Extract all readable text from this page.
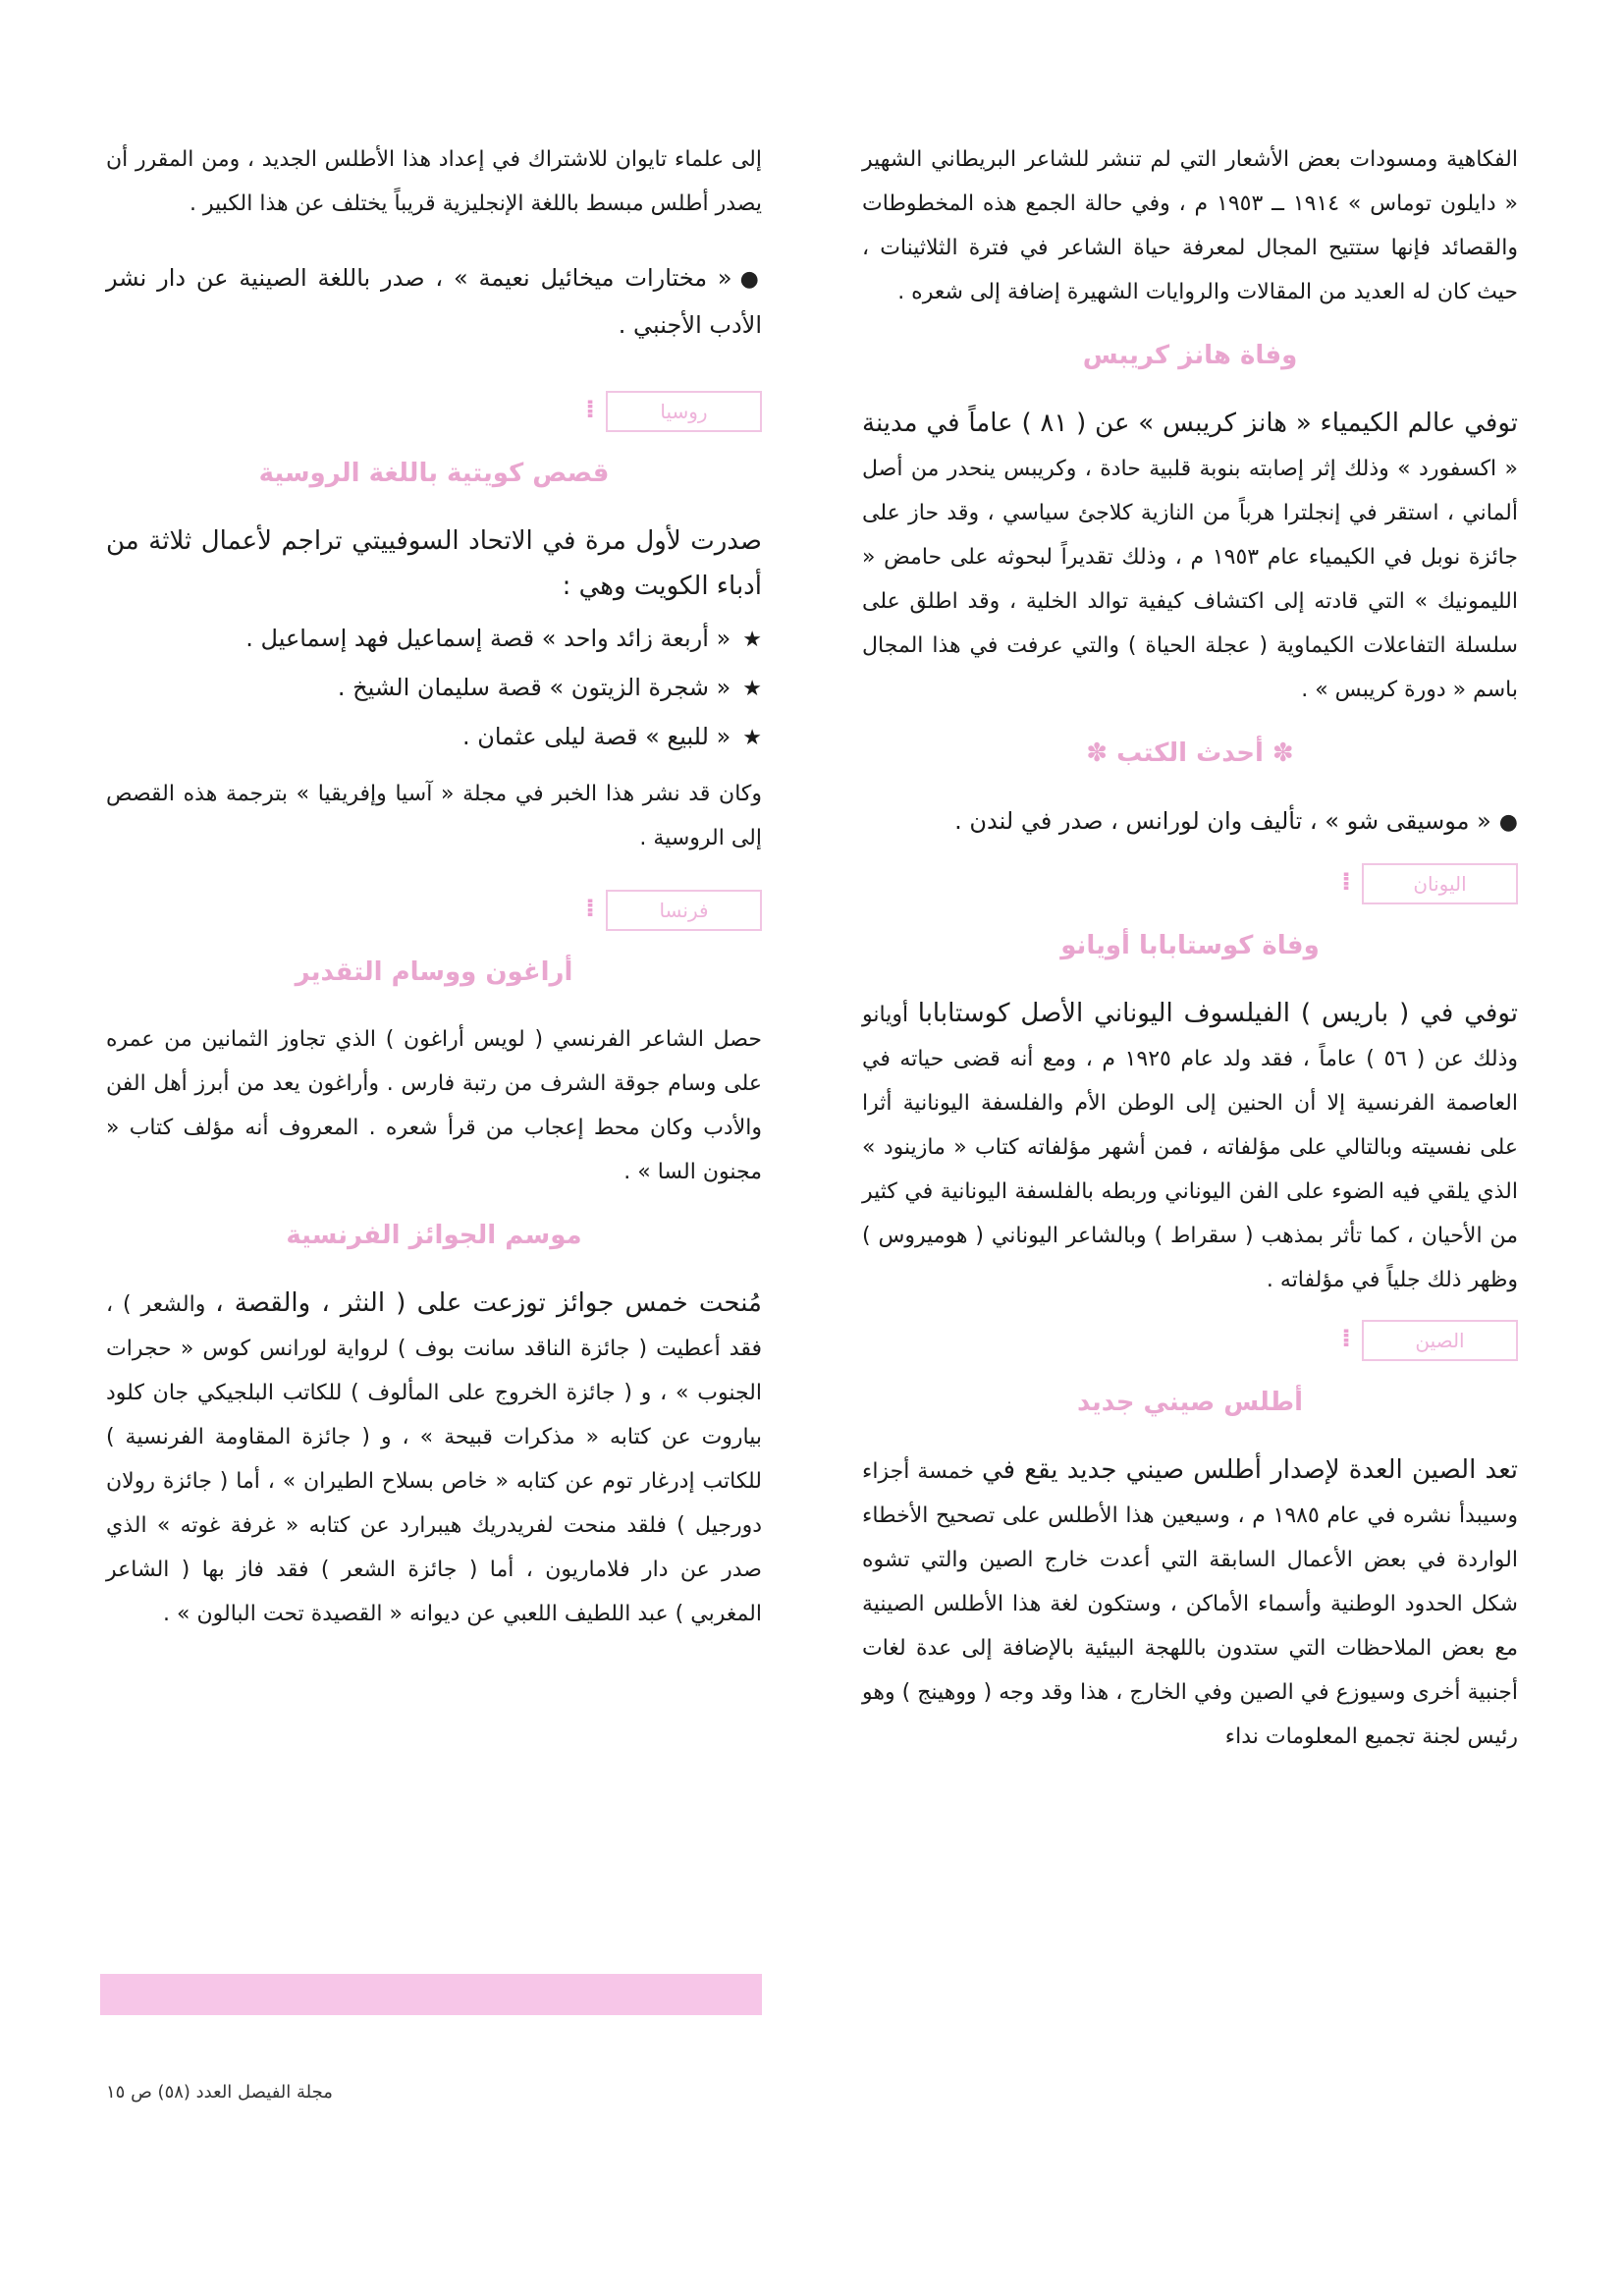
الفكاهية ومسودات بعض الأشعار التي لم تنشر للشاعر البريطاني الشهير « دايلون توماس » ١٩١٤ ــ ١٩٥٣ م ، وفي حالة الجمع هذه المخطوطات والقصائد فإنها ستتيح المجال لمعرفة حياة الشاعر في فترة الثلاثينات ، حيث كان له العديد من المقالات والروايات الشهيرة إضافة إلى شعره .

وفاة هانز كريبس

توفي عالم الكيمياء « هانز كريبس » عن ( ٨١ ) عاماً في مدينة « اكسفورد » وذلك إثر إصابته بنوبة قلبية حادة ، وكريبس ينحدر من أصل ألماني ، استقر في إنجلترا هرباً من النازية كلاجئ سياسي ، وقد حاز على جائزة نوبل في الكيمياء عام ١٩٥٣ م ، وذلك تقديراً لبحوثه على حامض « الليمونيك » التي قادته إلى اكتشاف كيفية توالد الخلية ، وقد اطلق على سلسلة التفاعلات الكيماوية ( عجلة الحياة ) والتي عرفت في هذا المجال باسم « دورة كريبس » .

✽ أحدث الكتب ✽

●« موسيقى شو » ، تأليف وان لورانس ، صدر في لندن .

اليونان
⁞
وفاة كوستابابا أويانو

توفي في ( باريس ) الفيلسوف اليوناني الأصل كوستابابا أويانو وذلك عن ( ٥٦ ) عاماً ، فقد ولد عام ١٩٢٥ م ، ومع أنه قضى حياته في العاصمة الفرنسية إلا أن الحنين إلى الوطن الأم والفلسفة اليونانية أثرا على نفسيته وبالتالي على مؤلفاته ، فمن أشهر مؤلفاته كتاب « مازينود » الذي يلقي فيه الضوء على الفن اليوناني وربطه بالفلسفة اليونانية في كثير من الأحيان ، كما تأثر بمذهب ( سقراط ) وبالشاعر اليوناني ( هوميروس ) وظهر ذلك جلياً في مؤلفاته .

الصين
⁞
أطلس صيني جديد

تعد الصين العدة لإصدار أطلس صيني جديد يقع في خمسة أجزاء وسيبدأ نشره في عام ١٩٨٥ م ، وسيعين هذا الأطلس على تصحيح الأخطاء الواردة في بعض الأعمال السابقة التي أعدت خارج الصين والتي تشوه شكل الحدود الوطنية وأسماء الأماكن ، وستكون لغة هذا الأطلس الصينية مع بعض الملاحظات التي ستدون باللهجة البيئية بالإضافة إلى عدة لغات أجنبية أخرى وسيوزع في الصين وفي الخارج ، هذا وقد وجه ( ووهينج ) وهو رئيس لجنة تجميع المعلومات نداء

إلى علماء تايوان للاشتراك في إعداد هذا الأطلس الجديد ، ومن المقرر أن يصدر أطلس مبسط باللغة الإنجليزية قريباً يختلف عن هذا الكبير .

●« مختارات ميخائيل نعيمة » ، صدر باللغة الصينية عن دار نشر الأدب الأجنبي .

روسيا
⁞
قصص كويتية باللغة الروسية

صدرت لأول مرة في الاتحاد السوفييتي تراجم لأعمال ثلاثة من أدباء الكويت وهي :

★« أربعة زائد واحد » قصة إسماعيل فهد إسماعيل .
★« شجرة الزيتون » قصة سليمان الشيخ .
★« للبيع » قصة ليلى عثمان .

وكان قد نشر هذا الخبر في مجلة « آسيا وإفريقيا » بترجمة هذه القصص إلى الروسية .

فرنسا
⁞
أراغون ووسام التقدير

حصل الشاعر الفرنسي ( لويس أراغون ) الذي تجاوز الثمانين من عمره على وسام جوقة الشرف من رتبة فارس . وأراغون يعد من أبرز أهل الفن والأدب وكان محط إعجاب من قرأ شعره . المعروف أنه مؤلف كتاب « مجنون السا » .

موسم الجوائز الفرنسية

مُنحت خمس جوائز توزعت على ( النثر ، والقصة ، والشعر ) ، فقد أعطيت ( جائزة الناقد سانت بوف ) لرواية لورانس كوس « حجرات الجنوب » ، و ( جائزة الخروج على المألوف ) للكاتب البلجيكي جان كلود بياروت عن كتابه « مذكرات قبيحة » ، و ( جائزة المقاومة الفرنسية ) للكاتب إدرغار توم عن كتابه « خاص بسلاح الطيران » ، أما ( جائزة رولان دورجيل ) فلقد منحت لفريدريك هيبرارد عن كتابه « غرفة غوته » الذي صدر عن دار فلاماريون ، أما ( جائزة الشعر ) فقد فاز بها ( الشاعر المغربي ) عبد اللطيف اللعبي عن ديوانه « القصيدة تحت البالون » .

مجلة الفيصل العدد (٥٨) ص ١٥
